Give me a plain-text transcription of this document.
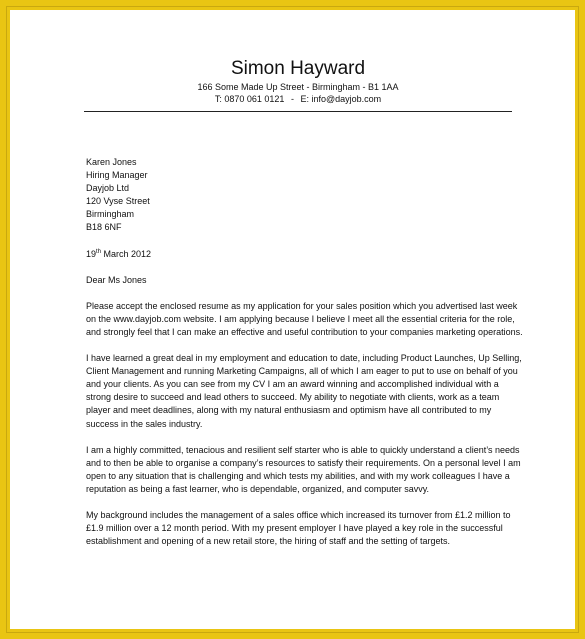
Simon Hayward
166 Some Made Up Street - Birmingham - B1 1AA
T: 0870 061 0121 - E: info@dayjob.com
Karen Jones
Hiring Manager
Dayjob Ltd
120 Vyse Street
Birmingham
B18 6NF
19th March 2012
Dear Ms Jones

Please accept the enclosed resume as my application for your sales position which you advertised last week on the www.dayjob.com website. I am applying because I believe I meet all the essential criteria for the role, and strongly feel that I can make an effective and useful contribution to your companies marketing operations.

I have learned a great deal in my employment and education to date, including Product Launches, Up Selling, Client Management and running Marketing Campaigns, all of which I am eager to put to use on behalf of you and your clients. As you can see from my CV I am an award winning and accomplished individual with a strong desire to succeed and lead others to succeed. My ability to negotiate with clients, work as a team player and meet deadlines, along with my natural enthusiasm and optimism have all contributed to my success in the sales industry.

I am a highly committed, tenacious and resilient self starter who is able to quickly understand a client’s needs and to then be able to organise a company’s resources to satisfy their requirements. On a personal level I am open to any situation that is challenging and which tests my abilities, and with my work colleagues I have a reputation as being a fast learner, who is dependable, organized, and computer savvy.

My background includes the management of a sales office which increased its turnover from £1.2 million to £1.9 million over a 12 month period. With my present employer I have played a key role in the successful establishment and opening of a new retail store, the hiring of staff and the setting of targets.
